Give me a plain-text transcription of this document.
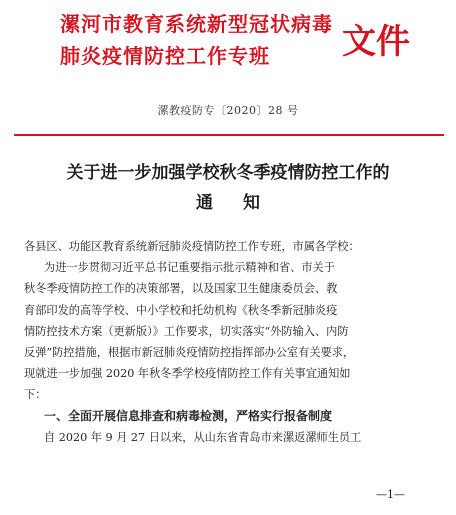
漯河市教育系统新型冠状病毒
肺炎疫情防控工作专班	文件
漯教疫防专〔2020〕28 号
关于进一步加强学校秋冬季疫情防控工作的
通知
各县区、功能区教育系统新冠肺炎疫情防控工作专班，市属各学校：
为进一步贯彻习近平总书记重要指示批示精神和省、市关于
秋冬季疫情防控工作的决策部署，以及国家卫生健康委员会、教
育部印发的高等学校、中小学校和托幼机构《秋冬季新冠肺炎疫
情防控技术方案（更新版）》工作要求，切实落实“外防输入、内防
反弹”防控措施，根据市新冠肺炎疫情防控指挥部办公室有关要求，
现就进一步加强 2020 年秋冬季学校疫情防控工作有关事宜通知如
下：
一、全面开展信息排查和病毒检测，严格实行报备制度
自 2020 年 9 月 27 日以来，从山东省青岛市来漯返漯师生员工
—1—
